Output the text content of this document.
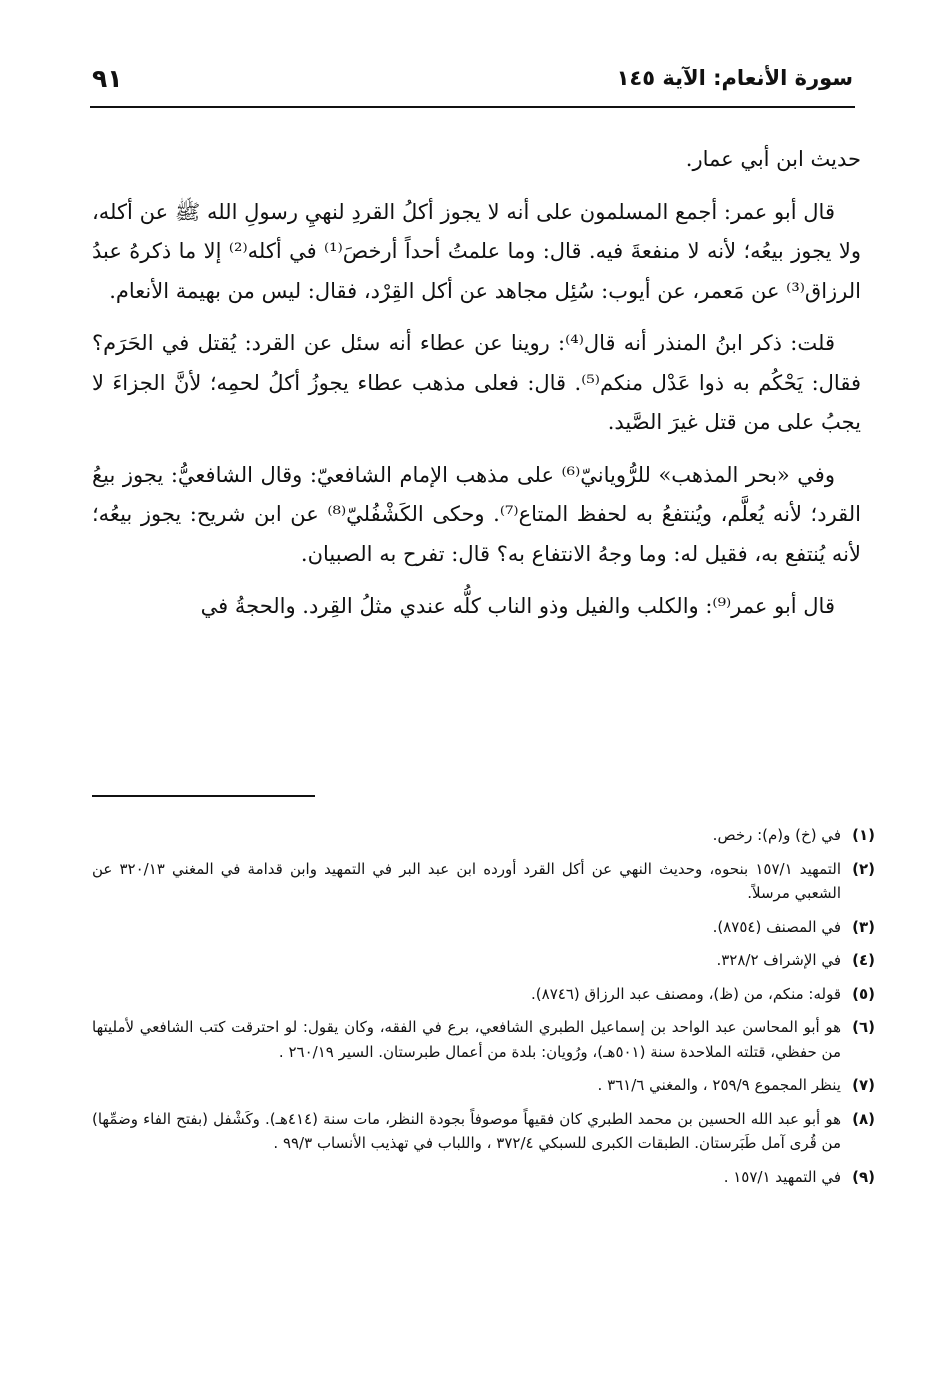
سورة الأنعام: الآية ١٤٥
٩١

حديث ابن أبي عمار.

قال أبو عمر: أجمع المسلمون على أنه لا يجوز أكلُ القردِ لنهيِ رسولِ الله ﷺ عن أكله، ولا يجوز بيعُه؛ لأنه لا منفعةَ فيه. قال: وما علمتُ أحداً أرخصَ⁽¹⁾ في أكله⁽²⁾ إلا ما ذكرهُ عبدُ الرزاق⁽³⁾ عن مَعمر، عن أيوب: سُئِل مجاهد عن أكل القِرْد، فقال: ليس من بهيمة الأنعام.

قلت: ذكر ابنُ المنذر أنه قال⁽⁴⁾: روينا عن عطاء أنه سئل عن القرد: يُقتل في الحَرَم؟ فقال: يَحْكُم به ذوا عَدْل منكم⁽⁵⁾. قال: فعلى مذهب عطاء يجوزُ أكلُ لحمِه؛ لأنَّ الجزاءَ لا يجبُ على من قتل غيرَ الصَّيد.

وفي «بحر المذهب» للرُّويانيّ⁽⁶⁾ على مذهب الإمام الشافعيّ: وقال الشافعيُّ: يجوز بيعُ القرد؛ لأنه يُعلَّم، ويُنتفعُ به لحفظ المتاع⁽⁷⁾. وحكى الكَشْفُليّ⁽⁸⁾ عن ابن شريح: يجوز بيعُه؛ لأنه يُنتفع به، فقيل له: وما وجهُ الانتفاع به؟ قال: تفرح به الصبيان.

قال أبو عمر⁽⁹⁾: والكلب والفيل وذو الناب كلُّه عندي مثلُ القِرد. والحجةُ في

(١)
في (خ) و(م): رخص.
(٢)
التمهيد ١٥٧/١ بنحوه، وحديث النهي عن أكل القرد أورده ابن عبد البر في التمهيد وابن قدامة في المغني ٣٢٠/١٣ عن الشعبي مرسلاً.
(٣)
في المصنف (٨٧٥٤).
(٤)
في الإشراف ٣٢٨/٢.
(٥)
قوله: منكم، من (ظ)، ومصنف عبد الرزاق (٨٧٤٦).
(٦)
هو أبو المحاسن عبد الواحد بن إسماعيل الطبري الشافعي، برع في الفقه، وكان يقول: لو احترقت كتب الشافعي لأمليتها من حفظي، قتلته الملاحدة سنة (٥٠١هـ)، ورُويان: بلدة من أعمال طبرستان. السير ٢٦٠/١٩ .
(٧)
ينظر المجموع ٢٥٩/٩ ، والمغني ٣٦١/٦ .
(٨)
هو أبو عبد الله الحسين بن محمد الطبري كان فقيهاً موصوفاً بجودة النظر، مات سنة (٤١٤هـ). وكَشْفل (بفتح الفاء وضمِّها) من قُرى آمل طَبَرستان. الطبقات الكبرى للسبكي ٣٧٢/٤ ، واللباب في تهذيب الأنساب ٩٩/٣ .
(٩)
في التمهيد ١٥٧/١ .
